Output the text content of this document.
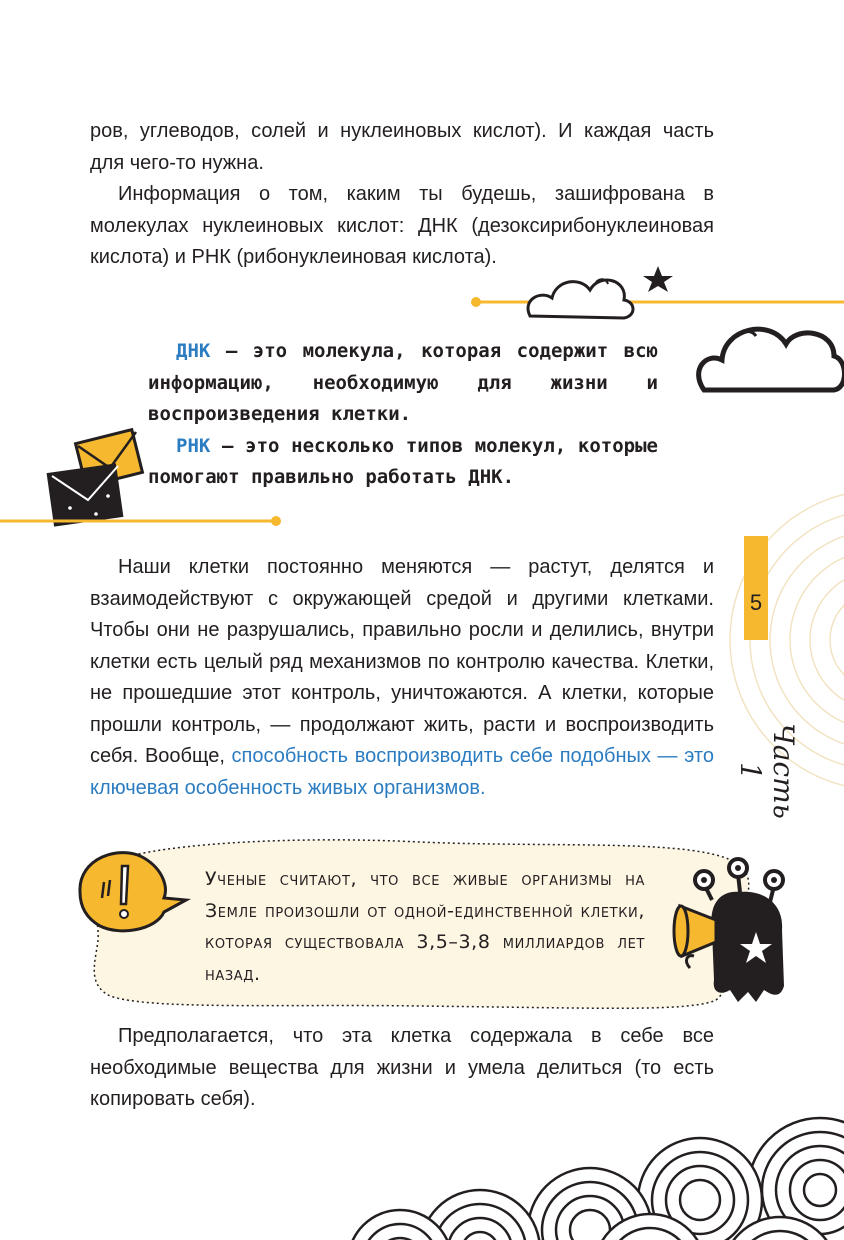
ров, углеводов, солей и нуклеиновых кислот). И каждая часть
для чего-то нужна.

Информация о том, каким ты будешь, зашифрована в молекулах нуклеиновых кислот: ДНК (дезоксирибонуклеиновая кислота) и РНК (рибонуклеиновая кислота).

ДНК — это молекула, которая содержит всю информацию, необходимую для жизни и воспроизведения клетки.

РНК — это несколько типов молекул, которые помогают правильно работать ДНК.

Наши клетки постоянно меняются — растут, делятся и взаимодействуют с окружающей средой и другими клетками. Чтобы они не разрушались, правильно росли и делились, внутри клетки есть целый ряд механизмов по контролю качества. Клетки, не прошедшие этот контроль, уничтожаются. А клетки, которые прошли контроль, — продолжают жить, расти и воспроизводить себя. Вообще, способность воспроизводить себе подобных — это ключевая особенность живых организмов.

Ученые считают, что все живые организмы на Земле произошли от одной-единственной клетки, которая существовала 3,5–3,8 миллиардов лет назад.

Предполагается, что эта клетка содержала в себе все необходимые вещества для жизни и умела делиться (то есть копировать себя).

5
Часть 1
